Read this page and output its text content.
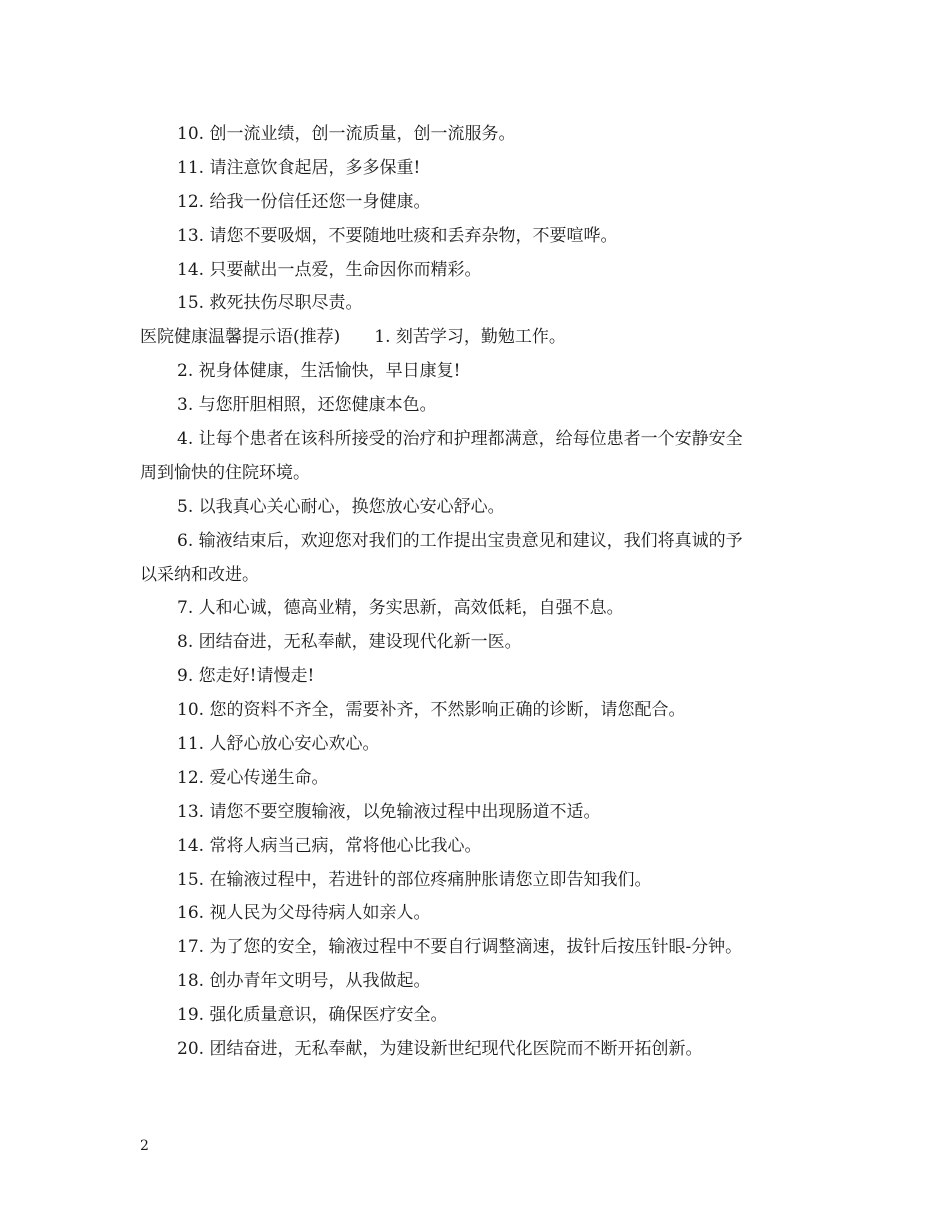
10. 创一流业绩，创一流质量，创一流服务。
11. 请注意饮食起居，多多保重!
12. 给我一份信任还您一身健康。
13. 请您不要吸烟，不要随地吐痰和丢弃杂物，不要喧哗。
14. 只要献出一点爱，生命因你而精彩。
15. 救死扶伤尽职尽责。
医院健康温馨提示语(推荐) 1. 刻苦学习，勤勉工作。
2. 祝身体健康，生活愉快，早日康复!
3. 与您肝胆相照，还您健康本色。
4. 让每个患者在该科所接受的治疗和护理都满意，给每位患者一个安静安全
周到愉快的住院环境。
5. 以我真心关心耐心，换您放心安心舒心。
6. 输液结束后，欢迎您对我们的工作提出宝贵意见和建议，我们将真诚的予
以采纳和改进。
7. 人和心诚，德高业精，务实思新，高效低耗，自强不息。
8. 团结奋进，无私奉献，建设现代化新一医。
9. 您走好!请慢走!
10. 您的资料不齐全，需要补齐，不然影响正确的诊断，请您配合。
11. 人舒心放心安心欢心。
12. 爱心传递生命。
13. 请您不要空腹输液，以免输液过程中出现肠道不适。
14. 常将人病当己病，常将他心比我心。
15. 在输液过程中，若进针的部位疼痛肿胀请您立即告知我们。
16. 视人民为父母待病人如亲人。
17. 为了您的安全，输液过程中不要自行调整滴速，拔针后按压针眼-分钟。
18. 创办青年文明号，从我做起。
19. 强化质量意识，确保医疗安全。
20. 团结奋进，无私奉献，为建设新世纪现代化医院而不断开拓创新。
2
